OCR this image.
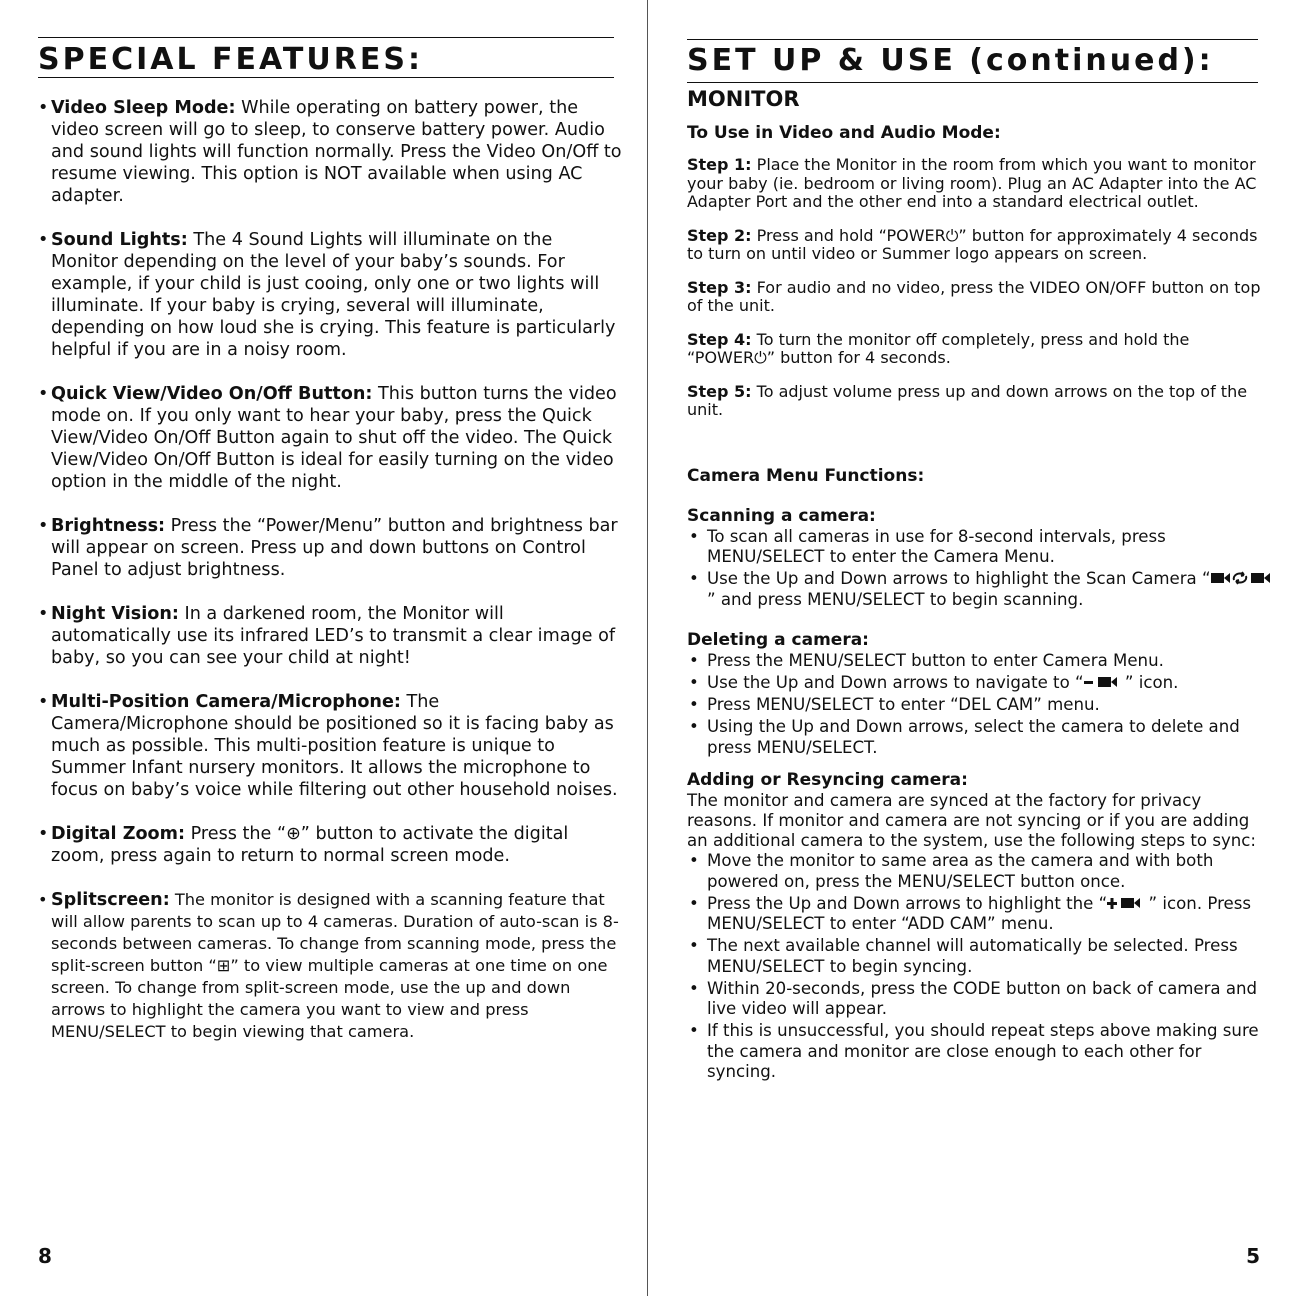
SPECIAL FEATURES:
• Video Sleep Mode: While operating on battery power, the video screen will go to sleep, to conserve battery power. Audio and sound lights will function normally. Press the Video On/Off to resume viewing. This option is NOT available when using AC adapter.
• Sound Lights: The 4 Sound Lights will illuminate on the Monitor depending on the level of your baby’s sounds. For example, if your child is just cooing, only one or two lights will illuminate. If your baby is crying, several will illuminate, depending on how loud she is crying. This feature is particularly helpful if you are in a noisy room.
• Quick View/Video On/Off Button: This button turns the video mode on. If you only want to hear your baby, press the Quick View/Video On/Off Button again to shut off the video. The Quick View/Video On/Off Button is ideal for easily turning on the video option in the middle of the night.
• Brightness: Press the “Power/Menu” button and brightness bar will appear on screen. Press up and down buttons on Control Panel to adjust brightness.
• Night Vision: In a darkened room, the Monitor will automatically use its infrared LED’s to transmit a clear image of baby, so you can see your child at night!
• Multi-Position Camera/Microphone: The Camera/Microphone should be positioned so it is facing baby as much as possible. This multi-position feature is unique to Summer Infant nursery monitors. It allows the microphone to focus on baby’s voice while filtering out other household noises.
• Digital Zoom: Press the “⊕” button to activate the digital zoom, press again to return to normal screen mode.
• Splitscreen: The monitor is designed with a scanning feature that will allow parents to scan up to 4 cameras. Duration of auto-scan is 8-seconds between cameras. To change from scanning mode, press the split-screen button “⊞” to view multiple cameras at one time on one screen. To change from split-screen mode, use the up and down arrows to highlight the camera you want to view and press MENU/SELECT to begin viewing that camera.
8
SET UP & USE (continued):
MONITOR
To Use in Video and Audio Mode:

Step 1: Place the Monitor in the room from which you want to monitor your baby (ie. bedroom or living room). Plug an AC Adapter into the AC Adapter Port and the other end into a standard electrical outlet.

Step 2: Press and hold “POWER⏻” button for approximately 4 seconds to turn on until video or Summer logo appears on screen.

Step 3: For audio and no video, press the VIDEO ON/OFF button on top of the unit.

Step 4: To turn the monitor off completely, press and hold the “POWER⏻” button for 4 seconds.

Step 5: To adjust volume press up and down arrows on the top of the unit.

Camera Menu Functions:
Scanning a camera:
• To scan all cameras in use for 8-second intervals, press MENU/SELECT to enter the Camera Menu.
• Use the Up and Down arrows to highlight the Scan Camera “” and press MENU/SELECT to begin scanning.
Deleting a camera:
• Press the MENU/SELECT button to enter Camera Menu.
• Use the Up and Down arrows to navigate to “ ” icon.
• Press MENU/SELECT to enter “DEL CAM” menu.
• Using the Up and Down arrows, select the camera to delete and press MENU/SELECT.
Adding or Resyncing camera:

The monitor and camera are synced at the factory for privacy reasons. If monitor and camera are not syncing or if you are adding an additional camera to the system, use the following steps to sync:

• Move the monitor to same area as the camera and with both powered on, press the MENU/SELECT button once.
• Press the Up and Down arrows to highlight the “ ” icon. Press MENU/SELECT to enter “ADD CAM” menu.
• The next available channel will automatically be selected. Press MENU/SELECT to begin syncing.
• Within 20-seconds, press the CODE button on back of camera and live video will appear.
• If this is unsuccessful, you should repeat steps above making sure the camera and monitor are close enough to each other for syncing.
5
